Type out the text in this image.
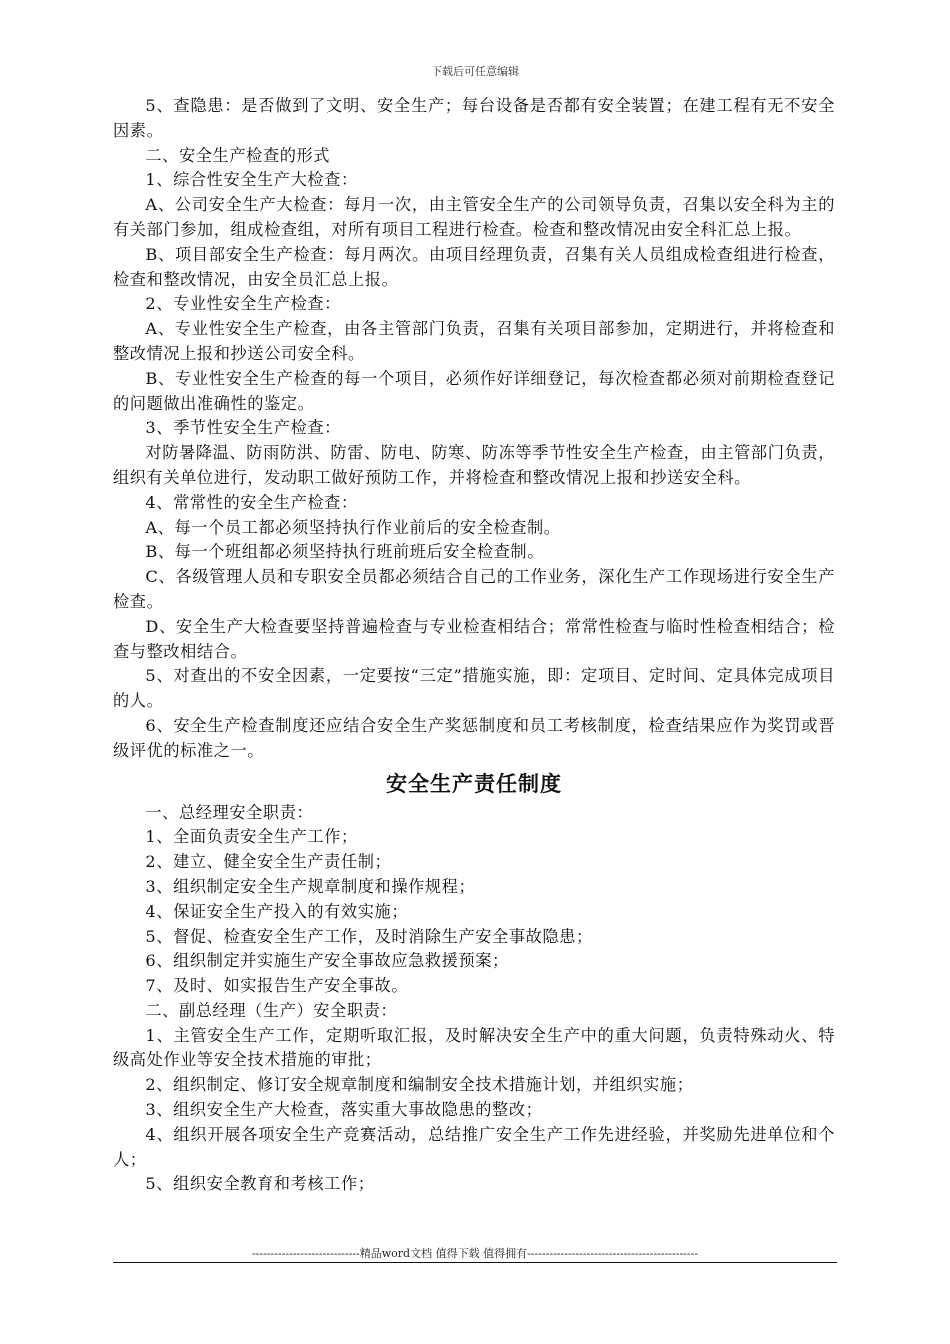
下载后可任意编辑

5、查隐患：是否做到了文明、安全生产；每台设备是否都有安全装置；在建工程有无不安全因素。

二、安全生产检查的形式

1、综合性安全生产大检查：

A、公司安全生产大检查：每月一次，由主管安全生产的公司领导负责，召集以安全科为主的有关部门参加，组成检查组，对所有项目工程进行检查。检查和整改情况由安全科汇总上报。

B、项目部安全生产检查：每月两次。由项目经理负责，召集有关人员组成检查组进行检查，检查和整改情况，由安全员汇总上报。

2、专业性安全生产检查：

A、专业性安全生产检查，由各主管部门负责，召集有关项目部参加，定期进行，并将检查和整改情况上报和抄送公司安全科。

B、专业性安全生产检查的每一个项目，必须作好详细登记，每次检查都必须对前期检查登记的问题做出准确性的鉴定。

3、季节性安全生产检查：

对防暑降温、防雨防洪、防雷、防电、防寒、防冻等季节性安全生产检查，由主管部门负责，组织有关单位进行，发动职工做好预防工作，并将检查和整改情况上报和抄送安全科。

4、常常性的安全生产检查：

A、每一个员工都必须坚持执行作业前后的安全检查制。

B、每一个班组都必须坚持执行班前班后安全检查制。

C、各级管理人员和专职安全员都必须结合自己的工作业务，深化生产工作现场进行安全生产检查。

D、安全生产大检查要坚持普遍检查与专业检查相结合；常常性检查与临时性检查相结合；检查与整改相结合。

5、对查出的不安全因素，一定要按“三定”措施实施，即：定项目、定时间、定具体完成项目的人。

6、安全生产检查制度还应结合安全生产奖惩制度和员工考核制度，检查结果应作为奖罚或晋级评优的标准之一。

安全生产责任制度

一、总经理安全职责：

1、全面负责安全生产工作；

2、建立、健全安全生产责任制；

3、组织制定安全生产规章制度和操作规程；

4、保证安全生产投入的有效实施；

5、督促、检查安全生产工作，及时消除生产安全事故隐患；

6、组织制定并实施生产安全事故应急救援预案；

7、及时、如实报告生产安全事故。

二、副总经理（生产）安全职责：

1、主管安全生产工作，定期听取汇报，及时解决安全生产中的重大问题，负责特殊动火、特级高处作业等安全技术措施的审批；

2、组织制定、修订安全规章制度和编制安全技术措施计划，并组织实施；

3、组织安全生产大检查，落实重大事故隐患的整改；

4、组织开展各项安全生产竞赛活动，总结推广安全生产工作先进经验，并奖励先进单位和个人；

5、组织安全教育和考核工作；

-----------------------------精品word文档 值得下载 值得拥有----------------------------------------------
